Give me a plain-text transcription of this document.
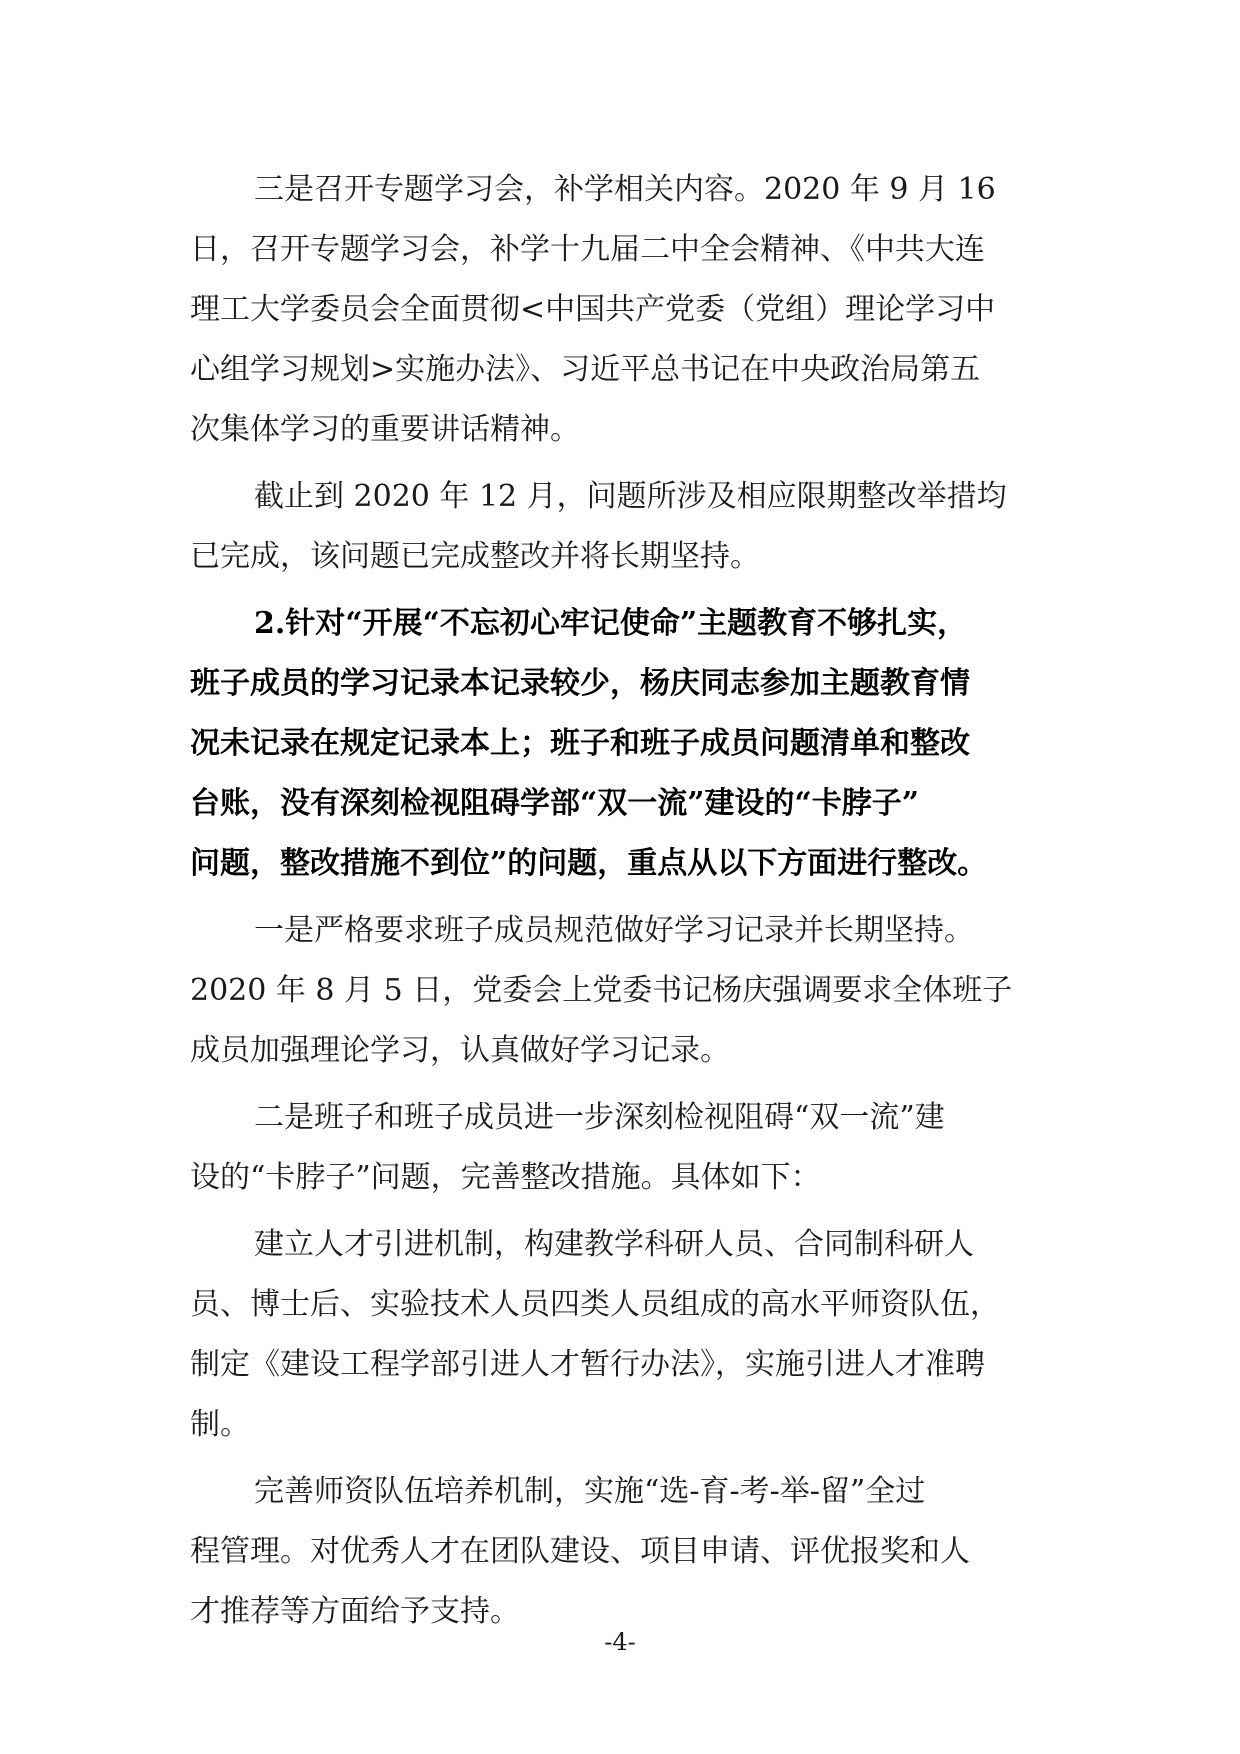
三是召开专题学习会，补学相关内容。2020 年 9 月 16
日，召开专题学习会，补学十九届二中全会精神、《中共大连
理工大学委员会全面贯彻<中国共产党委（党组）理论学习中
心组学习规划>实施办法》、习近平总书记在中央政治局第五
次集体学习的重要讲话精神。
截止到 2020 年 12 月，问题所涉及相应限期整改举措均
已完成，该问题已完成整改并将长期坚持。
2.针对“开展“不忘初心牢记使命”主题教育不够扎实，
班子成员的学习记录本记录较少，杨庆同志参加主题教育情
况未记录在规定记录本上；班子和班子成员问题清单和整改
台账，没有深刻检视阻碍学部“双一流”建设的“卡脖子”
问题，整改措施不到位”的问题，重点从以下方面进行整改。
一是严格要求班子成员规范做好学习记录并长期坚持。
2020 年 8 月 5 日，党委会上党委书记杨庆强调要求全体班子
成员加强理论学习，认真做好学习记录。
二是班子和班子成员进一步深刻检视阻碍“双一流”建
设的“卡脖子”问题，完善整改措施。具体如下：
建立人才引进机制，构建教学科研人员、合同制科研人
员、博士后、实验技术人员四类人员组成的高水平师资队伍，
制定《建设工程学部引进人才暂行办法》，实施引进人才准聘
制。
完善师资队伍培养机制，实施“选-育-考-举-留”全过
程管理。对优秀人才在团队建设、项目申请、评优报奖和人
才推荐等方面给予支持。
-4-
